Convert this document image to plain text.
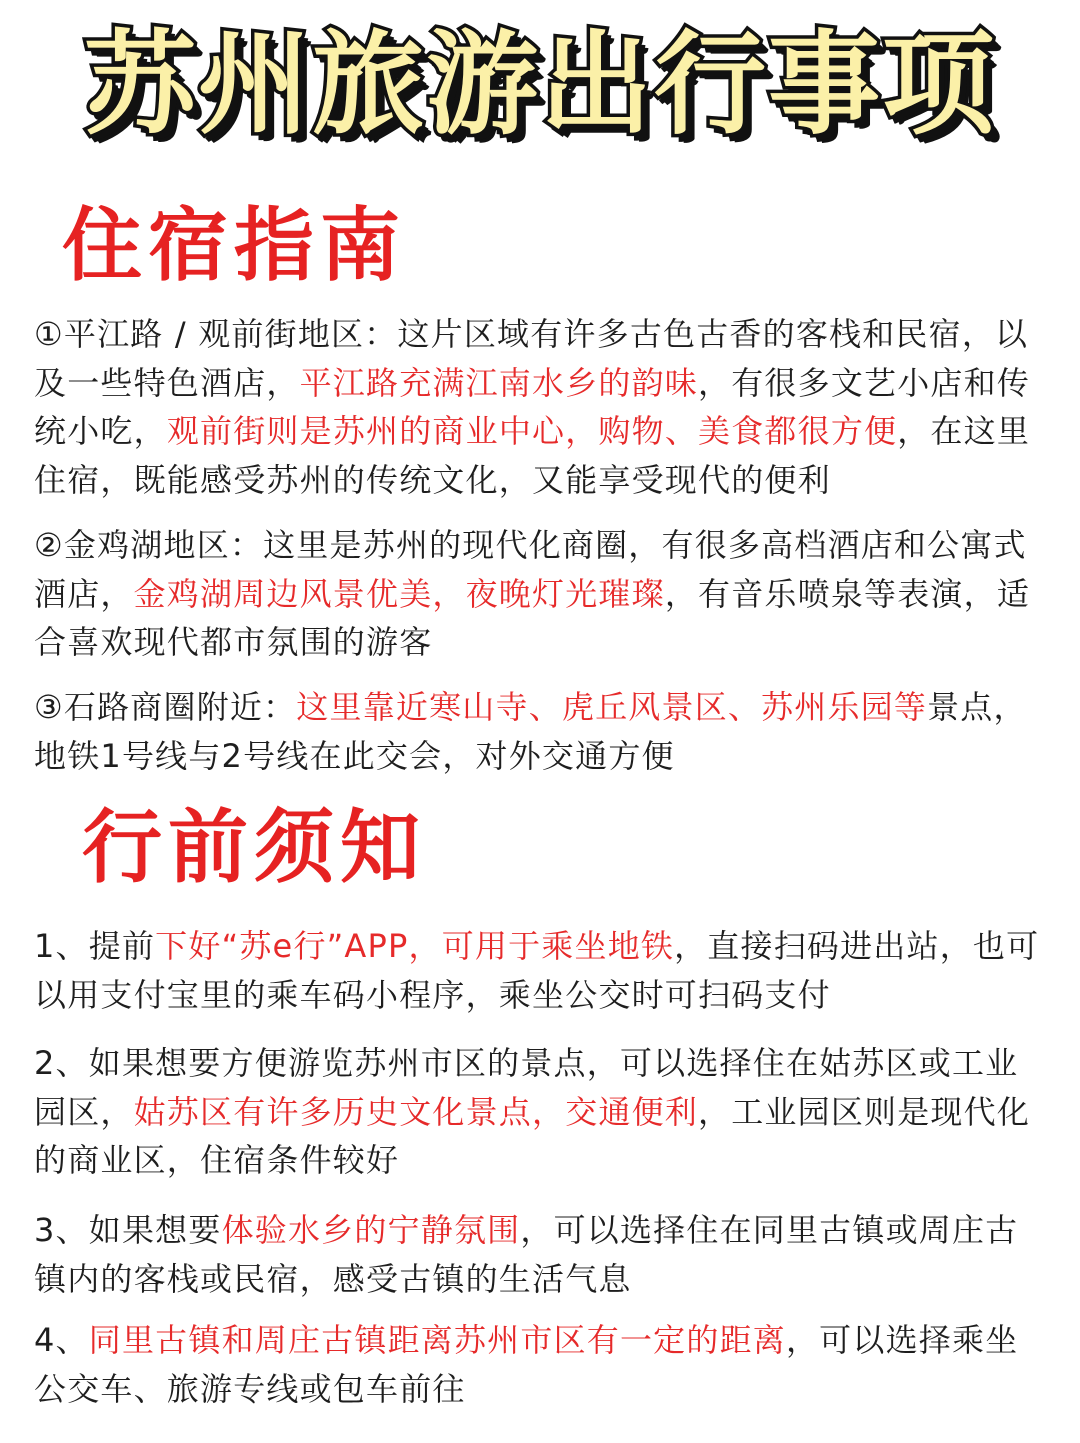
苏州旅游出行事项
住宿指南

①平江路 / 观前街地区：这片区域有许多古色古香的客栈和民宿，以及一些特色酒店，平江路充满江南水乡的韵味，有很多文艺小店和传统小吃，观前街则是苏州的商业中心，购物、美食都很方便，在这里住宿，既能感受苏州的传统文化，又能享受现代的便利

②金鸡湖地区：这里是苏州的现代化商圈，有很多高档酒店和公寓式酒店，金鸡湖周边风景优美，夜晚灯光璀璨，有音乐喷泉等表演，适合喜欢现代都市氛围的游客

③石路商圈附近：这里靠近寒山寺、虎丘风景区、苏州乐园等景点，地铁1号线与2号线在此交会，对外交通方便

行前须知

1、提前下好“苏e行”APP，可用于乘坐地铁，直接扫码进出站，也可以用支付宝里的乘车码小程序，乘坐公交时可扫码支付

2、如果想要方便游览苏州市区的景点，可以选择住在姑苏区或工业园区，姑苏区有许多历史文化景点，交通便利，工业园区则是现代化的商业区，住宿条件较好

3、如果想要体验水乡的宁静氛围，可以选择住在同里古镇或周庄古镇内的客栈或民宿，感受古镇的生活气息

4、同里古镇和周庄古镇距离苏州市区有一定的距离，可以选择乘坐公交车、旅游专线或包车前往
